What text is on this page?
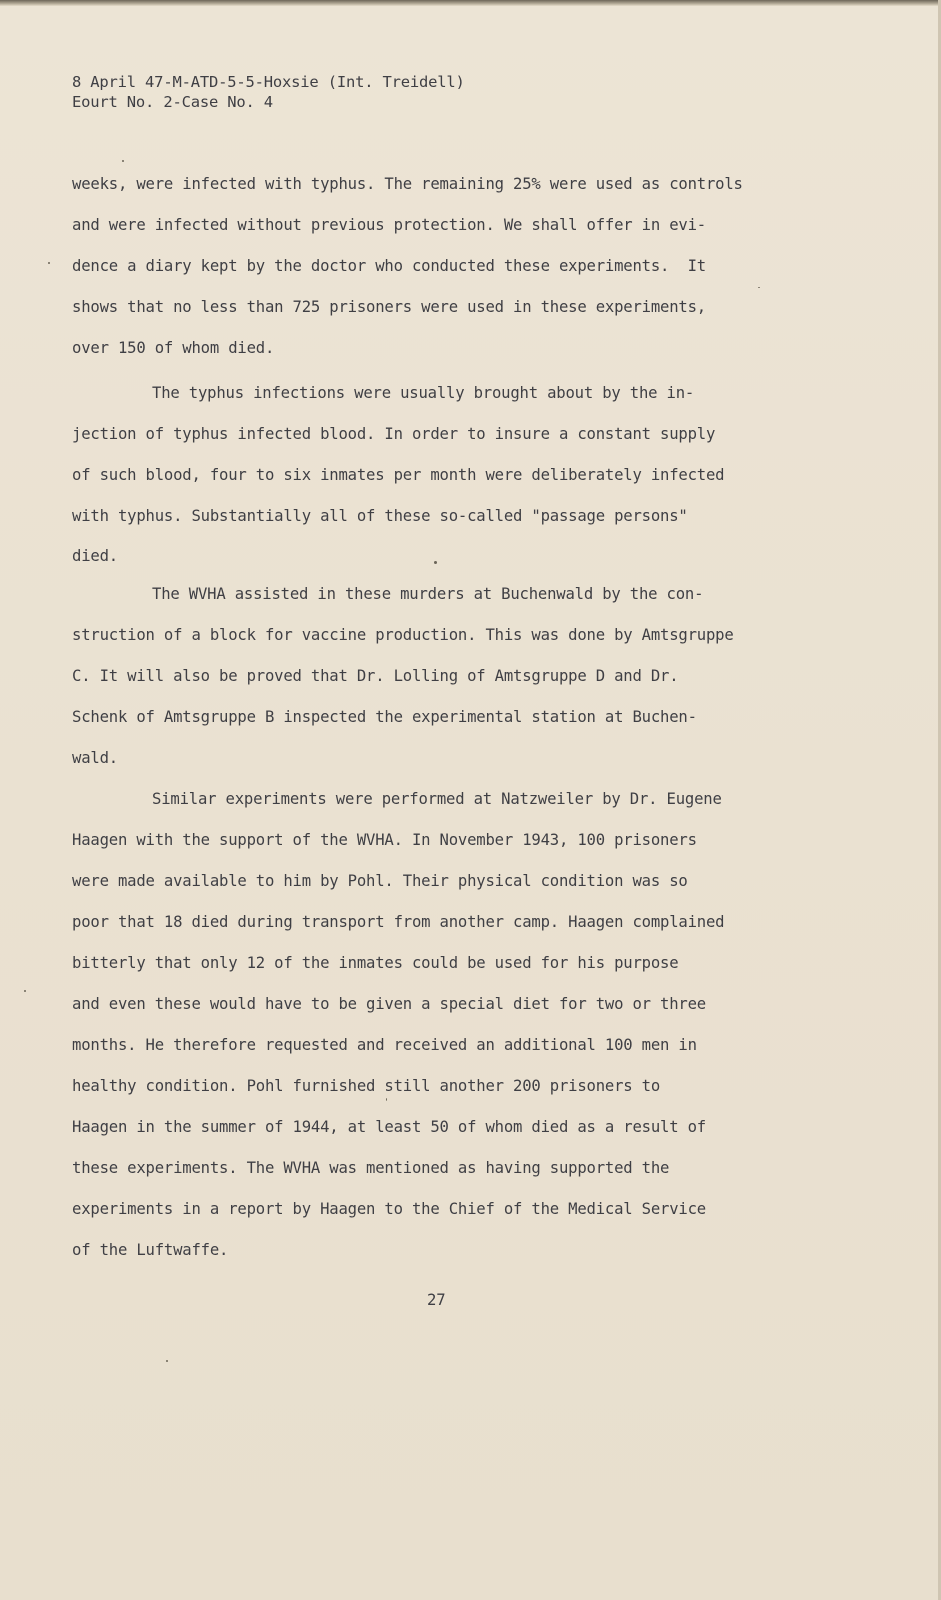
8 April 47-M-ATD-5-5-Hoxsie (Int. Treidell)
Eourt No. 2-Case No. 4
weeks, were infected with typhus. The remaining 25% were used as controls
and were infected without previous protection. We shall offer in evi-
dence a diary kept by the doctor who conducted these experiments.  It
shows that no less than 725 prisoners were used in these experiments,
over 150 of whom died.
The typhus infections were usually brought about by the in-
jection of typhus infected blood. In order to insure a constant supply
of such blood, four to six inmates per month were deliberately infected
with typhus. Substantially all of these so-called "passage persons"
died.
The WVHA assisted in these murders at Buchenwald by the con-
struction of a block for vaccine production. This was done by Amtsgruppe
C. It will also be proved that Dr. Lolling of Amtsgruppe D and Dr.
Schenk of Amtsgruppe B inspected the experimental station at Buchen-
wald.
Similar experiments were performed at Natzweiler by Dr. Eugene
Haagen with the support of the WVHA. In November 1943, 100 prisoners
were made available to him by Pohl. Their physical condition was so
poor that 18 died during transport from another camp. Haagen complained
bitterly that only 12 of the inmates could be used for his purpose
and even these would have to be given a special diet for two or three
months. He therefore requested and received an additional 100 men in
healthy condition. Pohl furnished still another 200 prisoners to
Haagen in the summer of 1944, at least 50 of whom died as a result of
these experiments. The WVHA was mentioned as having supported the
experiments in a report by Haagen to the Chief of the Medical Service
of the Luftwaffe.
27
